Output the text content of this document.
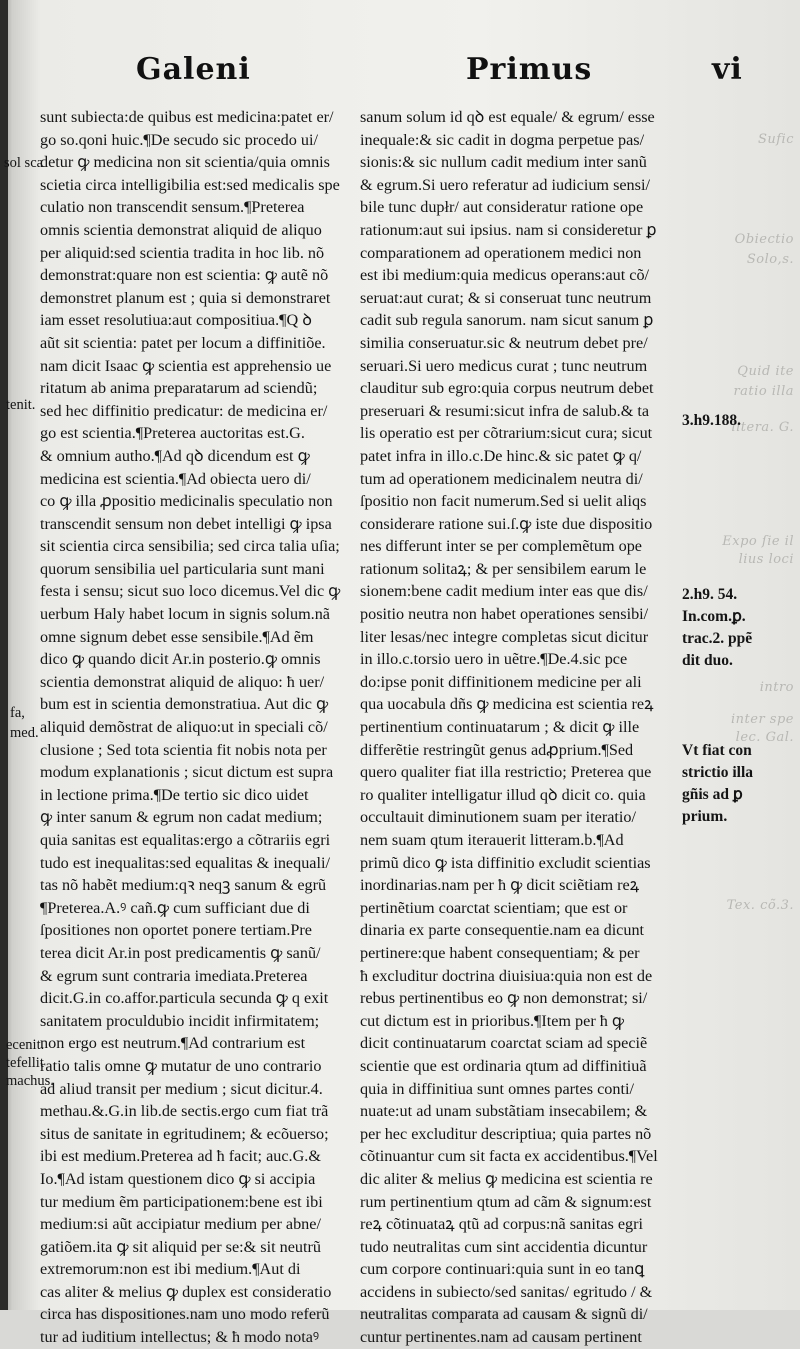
Sufic
Obiectio
Solo,s.
Quid ite
ratio illa
litera. G.
Expo ſie il
lius loci
intro
inter spe
lec. Gal.
Tex. cõ.3.
Galeni	Primus	vi
sunt subiecta:de quibus est medicina:patet er/
go so.qoni huic.¶De secudo sic procedo ui/
detur ꝙ medicina non sit scientia/quia omnis
scietia circa intelligibilia est:sed medicalis spe
culatio non transcendit sensum.¶Preterea
omnis scientia demonstrat aliquid de aliquo
per aliquid:sed scientia tradita in hoc lib. nõ
demonstrat:quare non est scientia: ꝙ autẽ nõ
demonstret planum est ; quia si demonstraret
iam esset resolutiua:aut compositiua.¶Q ꝺ
aũt sit scientia: patet per locum a diffinitiõe.
nam dicit Isaac ꝙ scientia est apprehensio ue
ritatum ab anima preparatarum ad sciendũ;
sed hec diffinitio predicatur: de medicina er/
go est scientia.¶Preterea auctoritas est.G.
& omnium autho.¶Ad qꝺ dicendum est ꝙ
medicina est scientia.¶Ad obiecta uero di/
co ꝙ illa ꝓpositio medicinalis speculatio non
transcendit sensum non debet intelligi ꝙ ipsa
sit scientia circa sensibilia; sed circa talia uſia;
quorum sensibilia uel particularia sunt mani
festa i sensu; sicut suo loco dicemus.Vel dic ꝙ
uerbum Haly habet locum in signis solum.nã
omne signum debet esse sensibile.¶Ad ẽm
dico ꝙ quando dicit Ar.in posterio.ꝙ omnis
scientia demonstrat aliquid de aliquo: ħ uer/
bum est in scientia demonstratiua. Aut dic ꝙ
aliquid demõstrat de aliquo:ut in speciali cõ/
clusione ; Sed tota scientia fit nobis nota per
modum explanationis ; sicut dictum est supra
in lectione prima.¶De tertio sic dico uidet
ꝙ inter sanum & egrum non cadat medium;
quia sanitas est equalitas:ergo a cõtrariis egri
tudo est inequalitas:sed equalitas & inequali/
tas nõ habẽt medium:qꝛ neqꝫ sanum & egrũ
¶Preterea.A.ꝰ cañ.ꝙ cum sufficiant due di
ſpositiones non oportet ponere tertiam.Pre
terea dicit Ar.in post predicamentis ꝙ sanũ/
& egrum sunt contraria imediata.Preterea
dicit.G.in co.affor.particula secunda ꝙ q exit
sanitatem proculdubio incidit infirmitatem;
non ergo est neutrum.¶Ad contrarium est
ratio talis omne ꝙ mutatur de uno contrario
ad aliud transit per medium ; sicut dicitur.4.
methau.&.G.in lib.de sectis.ergo cum fiat trã
situs de sanitate in egritudinem; & ecõuerso;
ibi est medium.Preterea ad ħ facit; auc.G.&
Io.¶Ad istam questionem dico ꝙ si accipia
tur medium ẽm participationem:bene est ibi
medium:si aũt accipiatur medium per abne/
gatiõem.ita ꝙ sit aliquid per se:& sit neutrũ
extremorum:non est ibi medium.¶Aut di
cas aliter & melius ꝙ duplex est consideratio
circa has dispositiones.nam uno modo referũ
tur ad iuditium intellectus; & ħ modo notaꝰ
sanum solum id qꝺ est equale/ & egrum/ esse
inequale:& sic cadit in dogma perpetue pas/
sionis:& sic nullum cadit medium inter sanũ
& egrum.Si uero referatur ad iudicium sensi/
bile tunc dupłr/ aut consideratur ratione ope
rationum:aut sui ipsius. nam si consideretur ꝑ
comparationem ad operationem medici non
est ibi medium:quia medicus operans:aut cõ/
seruat:aut curat; & si conseruat tunc neutrum
cadit sub regula sanorum. nam sicut sanum ꝑ
similia conseruatur.sic & neutrum debet pre/
seruari.Si uero medicus curat ; tunc neutrum
clauditur sub egro:quia corpus neutrum debet
preseruari & resumi:sicut infra de salub.& ta
lis operatio est per cõtrarium:sicut cura; sicut
patet infra in illo.c.De hinc.& sic patet ꝙ q/
tum ad operationem medicinalem neutra di/
ſpositio non facit numerum.Sed si uelit aliqs
considerare ratione sui.ſ.ꝙ iste due dispositio
nes differunt inter se per complemẽtum ope
rationum solitaꝝ; & per sensibilem earum le
sionem:bene cadit medium inter eas que dis/
positio neutra non habet operationes sensibi/
liter lesas/nec integre completas sicut dicitur
in illo.c.torsio uero in uẽtre.¶De.4.sic pce
do:ipse ponit diffinitionem medicine per ali
qua uocabula dñs ꝙ medicina est scientia reꝝ
pertinentium continuatarum ; & dicit ꝙ ille
differẽtie restringũt genus adꝓprium.¶Sed
quero qualiter fiat illa restrictio; Preterea que
ro qualiter intelligatur illud qꝺ dicit co. quia
occultauit diminutionem suam per iteratio/
nem suam qtum iterauerit litteram.b.¶Ad
primũ dico ꝙ ista diffinitio excludit scientias
inordinarias.nam per ħ ꝙ dicit sciẽtiam reꝝ
pertinẽtium coarctat scientiam; que est or
dinaria ex parte consequentie.nam ea dicunt
pertinere:que habent consequentiam; & per
ħ excluditur doctrina diuisiua:quia non est de
rebus pertinentibus eo ꝙ non demonstrat; si/
cut dictum est in prioribus.¶Item per ħ ꝙ
dicit continuatarum coarctat sciam ad speciẽ
scientie que est ordinaria qtum ad diffinitiuã
quia in diffinitiua sunt omnes partes conti/
nuate:ut ad unam substãtiam inseсabilem; &
per hec excluditur descriptiua; quia partes nõ
cõtinuantur cum sit facta ex accidentibus.¶Vel
dic aliter & melius ꝙ medicina est scientia re
rum pertinentium qtum ad cãm & signum:est
reꝝ cõtinuataꝝ qtũ ad corpus:nã sanitas egri
tudo neutralitas cum sint accidentia dicuntur
cum corpore continuari:quia sunt in eo tanꝗ
accidens in subiecto/sed sanitas/ egritudo / &
neutralitas comparata ad causam & signũ di/
cuntur pertinentes.nam ad causam pertinent
sol sca
tenit.
fa,
med.
ecenit.
tefellit
machus.
3.h9.188.
2.h9. 54.
In.com.ꝑ.
trac.2. ppẽ
dit duo.
Vt fiat con
strictio illa
gñis ad ꝑ
prium.
